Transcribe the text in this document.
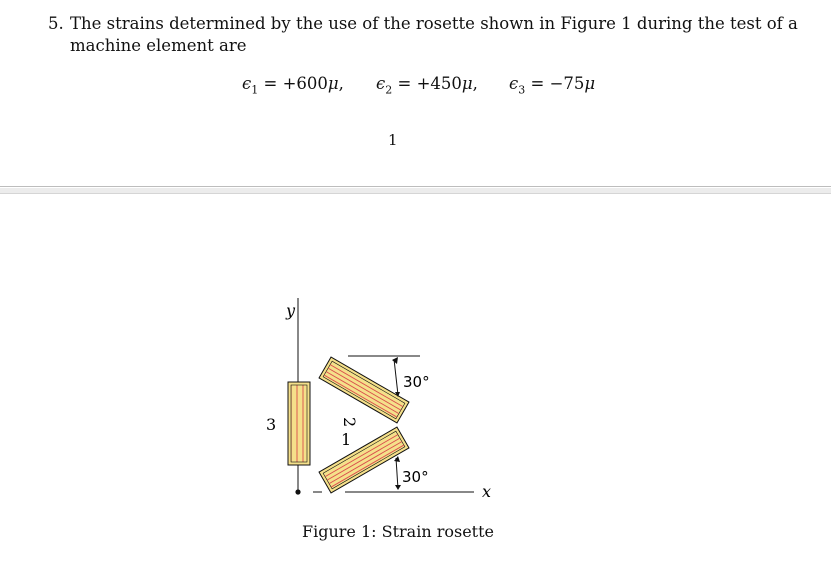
5. The strains determined by the use of the rosette shown in Figure 1 during the test of a
machine element are
$\epsilon_1 = +600\mu$, $\epsilon_2 = +450\mu$, $\epsilon_3 = -75\mu$
1
y
x
3	2
1
30°
30°
Figure 1: Strain rosette
